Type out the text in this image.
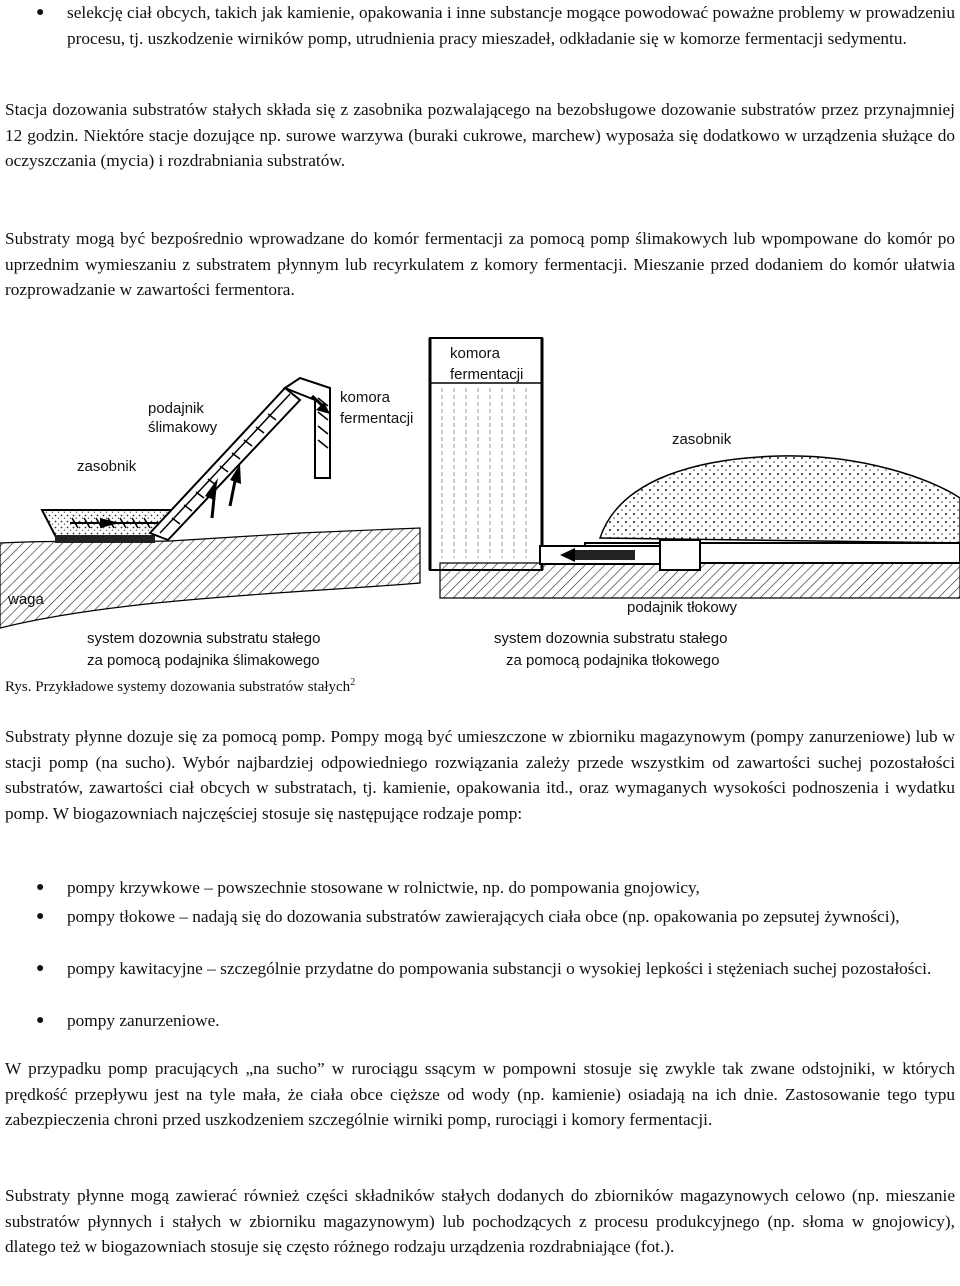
● selekcję ciał obcych, takich jak kamienie, opakowania i inne substancje mogące powodować poważne problemy w prowadzeniu procesu, tj. uszkodzenie wirników pomp, utrudnienia pracy mieszadeł, odkładanie się w komorze fermentacji sedymentu.

Stacja dozowania substratów stałych składa się z zasobnika pozwalającego na bezobsługowe dozowanie substratów przez przynajmniej 12 godzin. Niektóre stacje dozujące np. surowe warzywa (buraki cukrowe, marchew) wyposaża się dodatkowo w urządzenia służące do oczyszczania (mycia) i rozdrabniania substratów.

Substraty mogą być bezpośrednio wprowadzane do komór fermentacji za pomocą pomp ślimakowych lub wpompowane do komór po uprzednim wymieszaniu z substratem płynnym lub recyrkulatem z komory fermentacji. Mieszanie przed dodaniem do komór ułatwia rozprowadzanie w zawartości fermentora.

zasobnik
podajnik
ślimakowy
komora
fermentacji
waga
system dozownia substratu stałego
za pomocą podajnika ślimakowego
komora
fermentacji
zasobnik
podajnik tłokowy
system dozownia substratu stałego
za pomocą podajnika tłokowego
Rys. Przykładowe systemy dozowania substratów stałych$^2$

Substraty płynne dozuje się za pomocą pomp. Pompy mogą być umieszczone w zbiorniku magazynowym (pompy zanurzeniowe) lub w stacji pomp (na sucho). Wybór najbardziej odpowiedniego rozwiązania zależy przede wszystkim od zawartości suchej pozostałości substratów, zawartości ciał obcych w substratach, tj. kamienie, opakowania itd., oraz wymaganych wysokości podnoszenia i wydatku pomp. W biogazowniach najczęściej stosuje się następujące rodzaje pomp:

● pompy krzywkowe – powszechnie stosowane w rolnictwie, np. do pompowania gnojowicy,

● pompy tłokowe – nadają się do dozowania substratów zawierających ciała obce (np. opakowania po zepsutej żywności),

● pompy kawitacyjne – szczególnie przydatne do pompowania substancji o wysokiej lepkości i stężeniach suchej pozostałości.

● pompy zanurzeniowe.

W przypadku pomp pracujących „na sucho” w rurociągu ssącym w pompowni stosuje się zwykle tak zwane odstojniki, w których prędkość przepływu jest na tyle mała, że ciała obce cięższe od wody (np. kamienie) osiadają na ich dnie. Zastosowanie tego typu zabezpieczenia chroni przed uszkodzeniem szczególnie wirniki pomp, rurociągi i komory fermentacji.

Substraty płynne mogą zawierać również części składników stałych dodanych do zbiorników magazynowych celowo (np. mieszanie substratów płynnych i stałych w zbiorniku magazynowym) lub pochodzących z procesu produkcyjnego (np. słoma w gnojowicy), dlatego też w biogazowniach stosuje się często różnego rodzaju urządzenia rozdrabniające (fot.).
